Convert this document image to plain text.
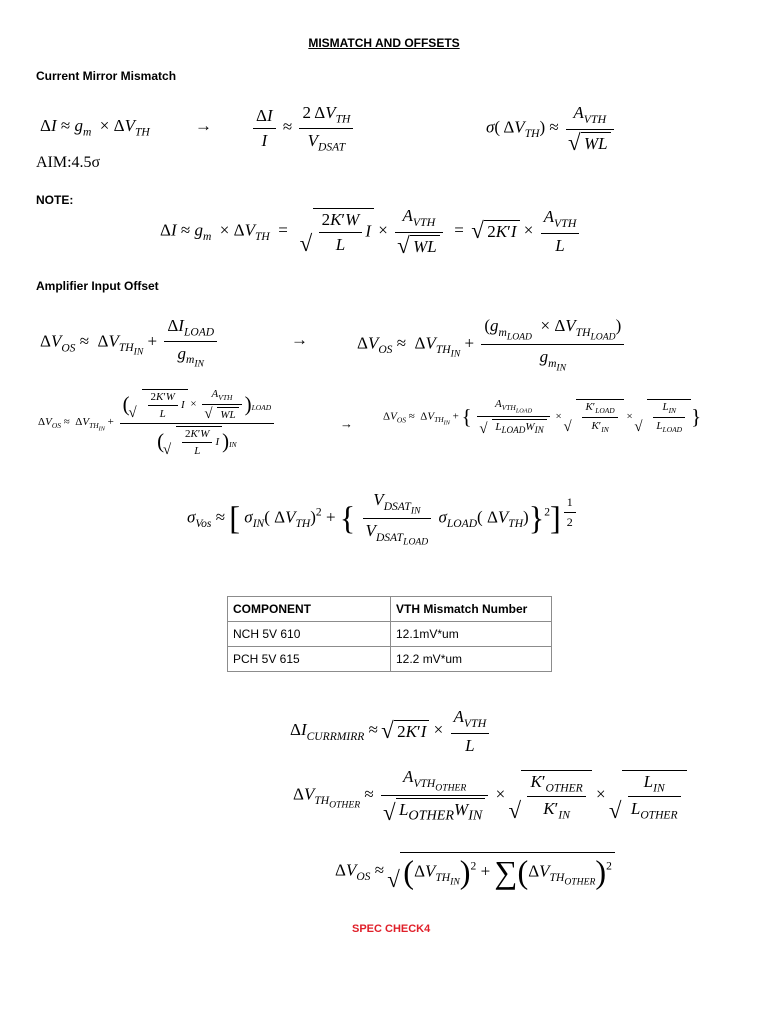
MISMATCH AND OFFSETS
Current Mirror Mismatch
$\Delta I \approx g_m \times \Delta V_{TH}$	→ $\frac{\Delta I}{I} \approx \frac{2 \Delta V_{TH}}{V_{DSAT}}$	σ( $\Delta V_{TH}) \approx A_{VTH}$
√ WL
AIM:4.5σ
NOTE:
$\Delta I \approx g_m \times \Delta V_{TH}$  = √ $\frac{2K'W}{L}$ $I \times A_{VTH}$
√ WL =  √ $2K'I \times \frac{A_{VTH}}{L}$
Amplifier Input Offset
$\Delta V_{OS} \approx \Delta V_{TH_{IN}} + \frac{\Delta I_{LOAD}}{g_{m_{IN}}}$	→	$\Delta V_{OS} \approx \Delta V_{TH_{IN}} + \frac{(g_{m_{LOAD}} \times \Delta V_{TH_{LOAD}})}{g_{m_{IN}}}$
$\Delta V_{OS} \approx \Delta V_{TH_{IN}}$ + ( √ $\frac{2K'W}{L}$ $I \times A_{VTH}$
√ WL )$_{LOAD}$
( √ $\frac{2K'W}{L}$ I )$_{IN}$	→	$\Delta V_{OS} \approx \Delta V_{TH_{IN}}$ + { $A_{VTH_{LOAD}}$
√ $L_{LOAD}W_{IN}$ × √ $\frac{K'_{LOAD}}{K'_{IN}}$ × √ $\frac{L_{IN}}{L_{LOAD}}$ }
$\sigma_{Vos}$ ≈ [ $\sigma_{IN}$( $\Delta V_{TH})^2$ + { $\frac{V_{DSAT_{IN}}}{V_{DSAT_{LOAD}}} \sigma_{LOAD}$( $\Delta V_{TH})\}^2$] $^{\frac{1}{2}}$
COMPONENT	VTH Mismatch Number
NCH 5V 610	12.1mV*um
PCH 5V 615	12.2 mV*um
$\Delta I_{CURRMIRR}$ ≈ √ $2K'I \times \frac{A_{VTH}}{L}$
$\Delta V_{TH_{OTHER}} \approx A_{VTH_{OTHER}}$
√ $L_{OTHER}W_{IN}$ × √ $\frac{K'_{OTHER}}{K'_{IN}}$ × √ $\frac{L_{IN}}{L_{OTHER}}$
$\Delta V_{OS}$ ≈ √ $(\Delta V_{TH_{IN}})^2 + \sum(\Delta V_{TH_{OTHER}})^2$
SPEC CHECK4
